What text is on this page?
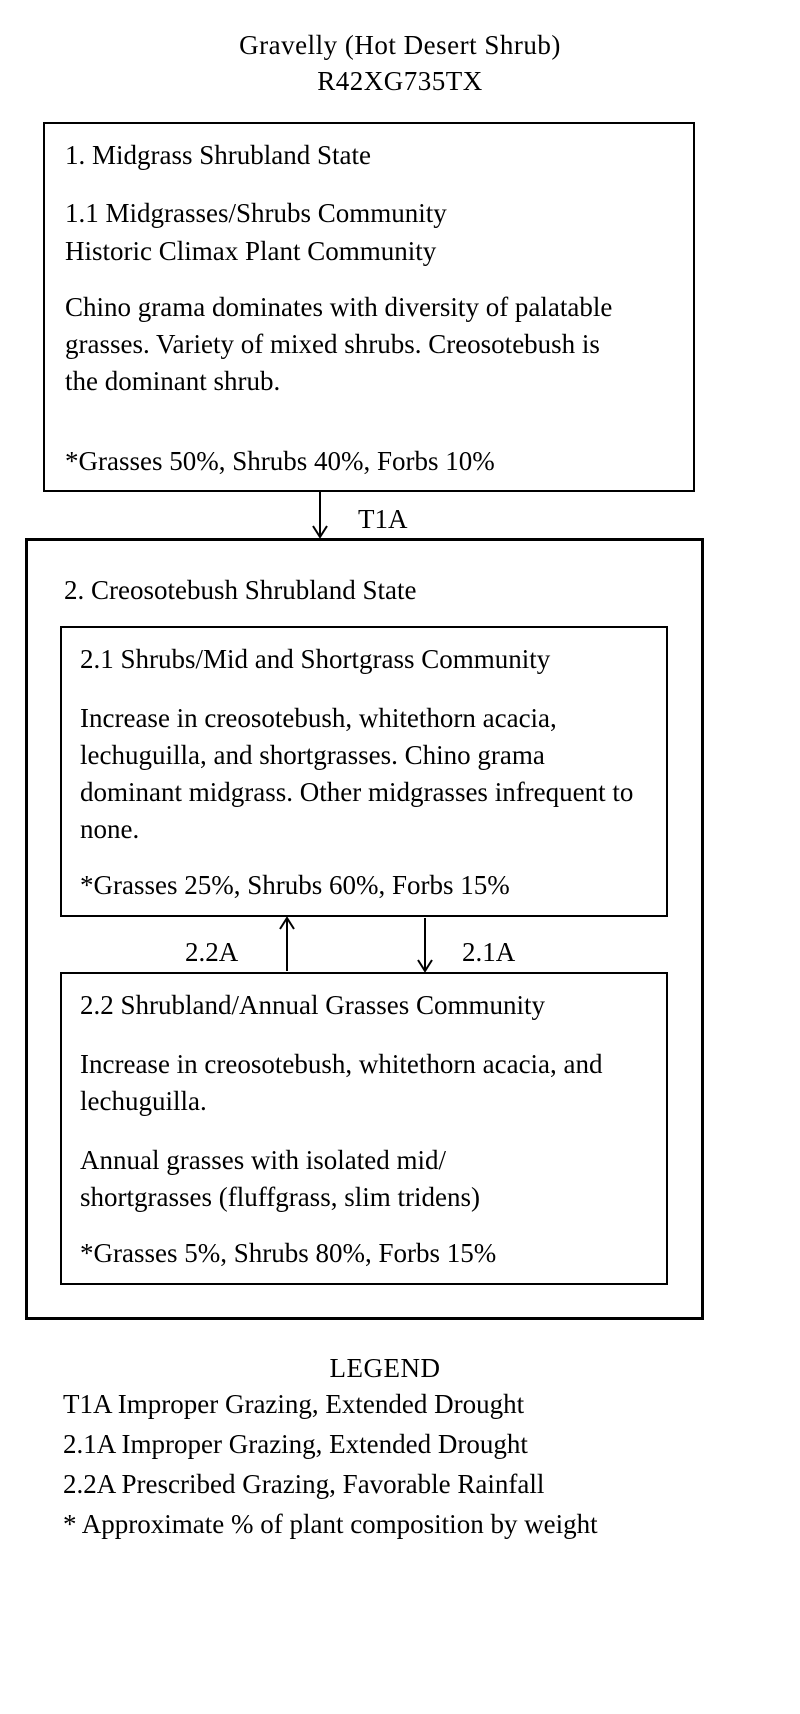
Gravelly (Hot Desert Shrub)
R42XG735TX
1. Midgrass Shrubland State
1.1 Midgrasses/Shrubs Community
Historic Climax Plant Community
Chino grama dominates with diversity of palatable grasses. Variety of mixed shrubs. Creosotebush is the dominant shrub.
*Grasses 50%, Shrubs 40%, Forbs 10%
T1A
2. Creosotebush Shrubland State
2.1 Shrubs/Mid and Shortgrass Community
Increase in creosotebush, whitethorn acacia, lechuguilla, and shortgrasses. Chino grama dominant midgrass. Other midgrasses infrequent to none.
*Grasses 25%, Shrubs 60%, Forbs 15%
2.2A	2.1A
2.2 Shrubland/Annual Grasses Community
Increase in creosotebush, whitethorn acacia, and lechuguilla.
Annual grasses with isolated mid/ shortgrasses (fluffgrass, slim tridens)
*Grasses 5%, Shrubs 80%, Forbs 15%
LEGEND
T1A Improper Grazing, Extended Drought
2.1A Improper Grazing, Extended Drought
2.2A Prescribed Grazing, Favorable Rainfall
* Approximate % of plant composition by weight
